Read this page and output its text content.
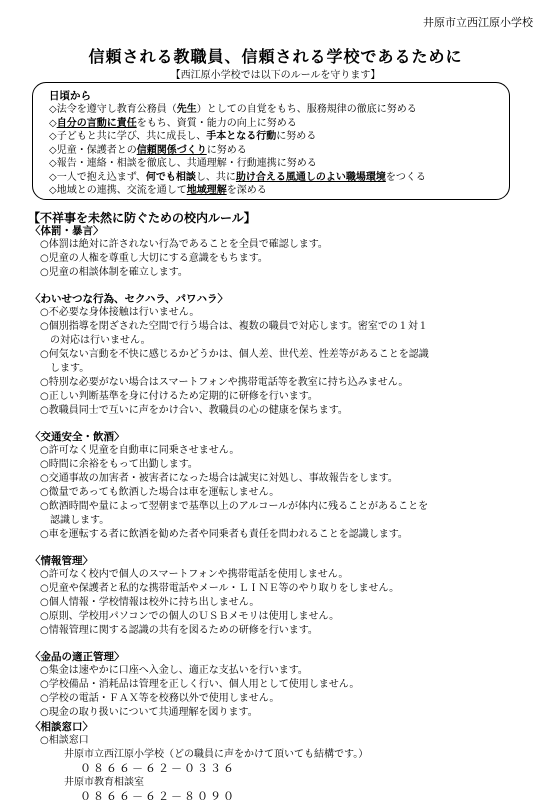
井原市立西江原小学校
信頼される教職員、信頼される学校であるために
【西江原小学校では以下のルールを守ります】
日頃から
◇法令を遵守し教育公務員（先生）としての自覚をもち、服務規律の徹底に努める
◇自分の言動に責任をもち、資質・能力の向上に努める
◇子どもと共に学び、共に成長し、手本となる行動に努める
◇児童・保護者との信頼関係づくりに努める
◇報告・連絡・相談を徹底し、共通理解・行動連携に努める
◇一人で抱え込まず、何でも相談し、共に助け合える風通しのよい職場環境をつくる
◇地域との連携、交流を通して地域理解を深める
【不祥事を未然に防ぐための校内ルール】
〈体罰・暴言〉
○体罰は絶対に許されない行為であることを全員で確認します。
○児童の人権を尊重し大切にする意識をもちます。
○児童の相談体制を確立します。
〈わいせつな行為、セクハラ、パワハラ〉
○不必要な身体接触は行いません。
○個別指導を閉ざされた空間で行う場合は、複数の職員で対応します。密室での１対１
の対応は行いません。
○何気ない言動を不快に感じるかどうかは、個人差、世代差、性差等があることを認識
します。
○特別な必要がない場合はスマートフォンや携帯電話等を教室に持ち込みません。
○正しい判断基準を身に付けるため定期的に研修を行います。
○教職員同士で互いに声をかけ合い、教職員の心の健康を保ちます。
〈交通安全・飲酒〉
○許可なく児童を自動車に同乗させません。
○時間に余裕をもって出勤します。
○交通事故の加害者・被害者になった場合は誠実に対処し、事故報告をします。
○微量であっても飲酒した場合は車を運転しません。
○飲酒時間や量によって翌朝まで基準以上のアルコールが体内に残ることがあることを
認識します。
○車を運転する者に飲酒を勧めた者や同乗者も責任を問われることを認識します。
〈情報管理〉
○許可なく校内で個人のスマートフォンや携帯電話を使用しません。
○児童や保護者と私的な携帯電話やメール・ＬＩＮＥ等のやり取りをしません。
○個人情報・学校情報は校外に持ち出しません。
○原則、学校用パソコンでの個人のＵＳＢメモリは使用しません。
○情報管理に関する認識の共有を図るための研修を行います。
〈金品の適正管理〉
○集金は速やかに口座へ入金し、適正な支払いを行います。
○学校備品・消耗品は管理を正しく行い、個人用として使用しません。
○学校の電話・ＦＡＸ等を校務以外で使用しません。
○現金の取り扱いについて共通理解を図ります。
〈相談窓口〉
○相談窓口
井原市立西江原小学校（どの職員に声をかけて頂いても結構です。）
０８６６－６２－０３３６
井原市教育相談室
０８６６－６２－８０９０
